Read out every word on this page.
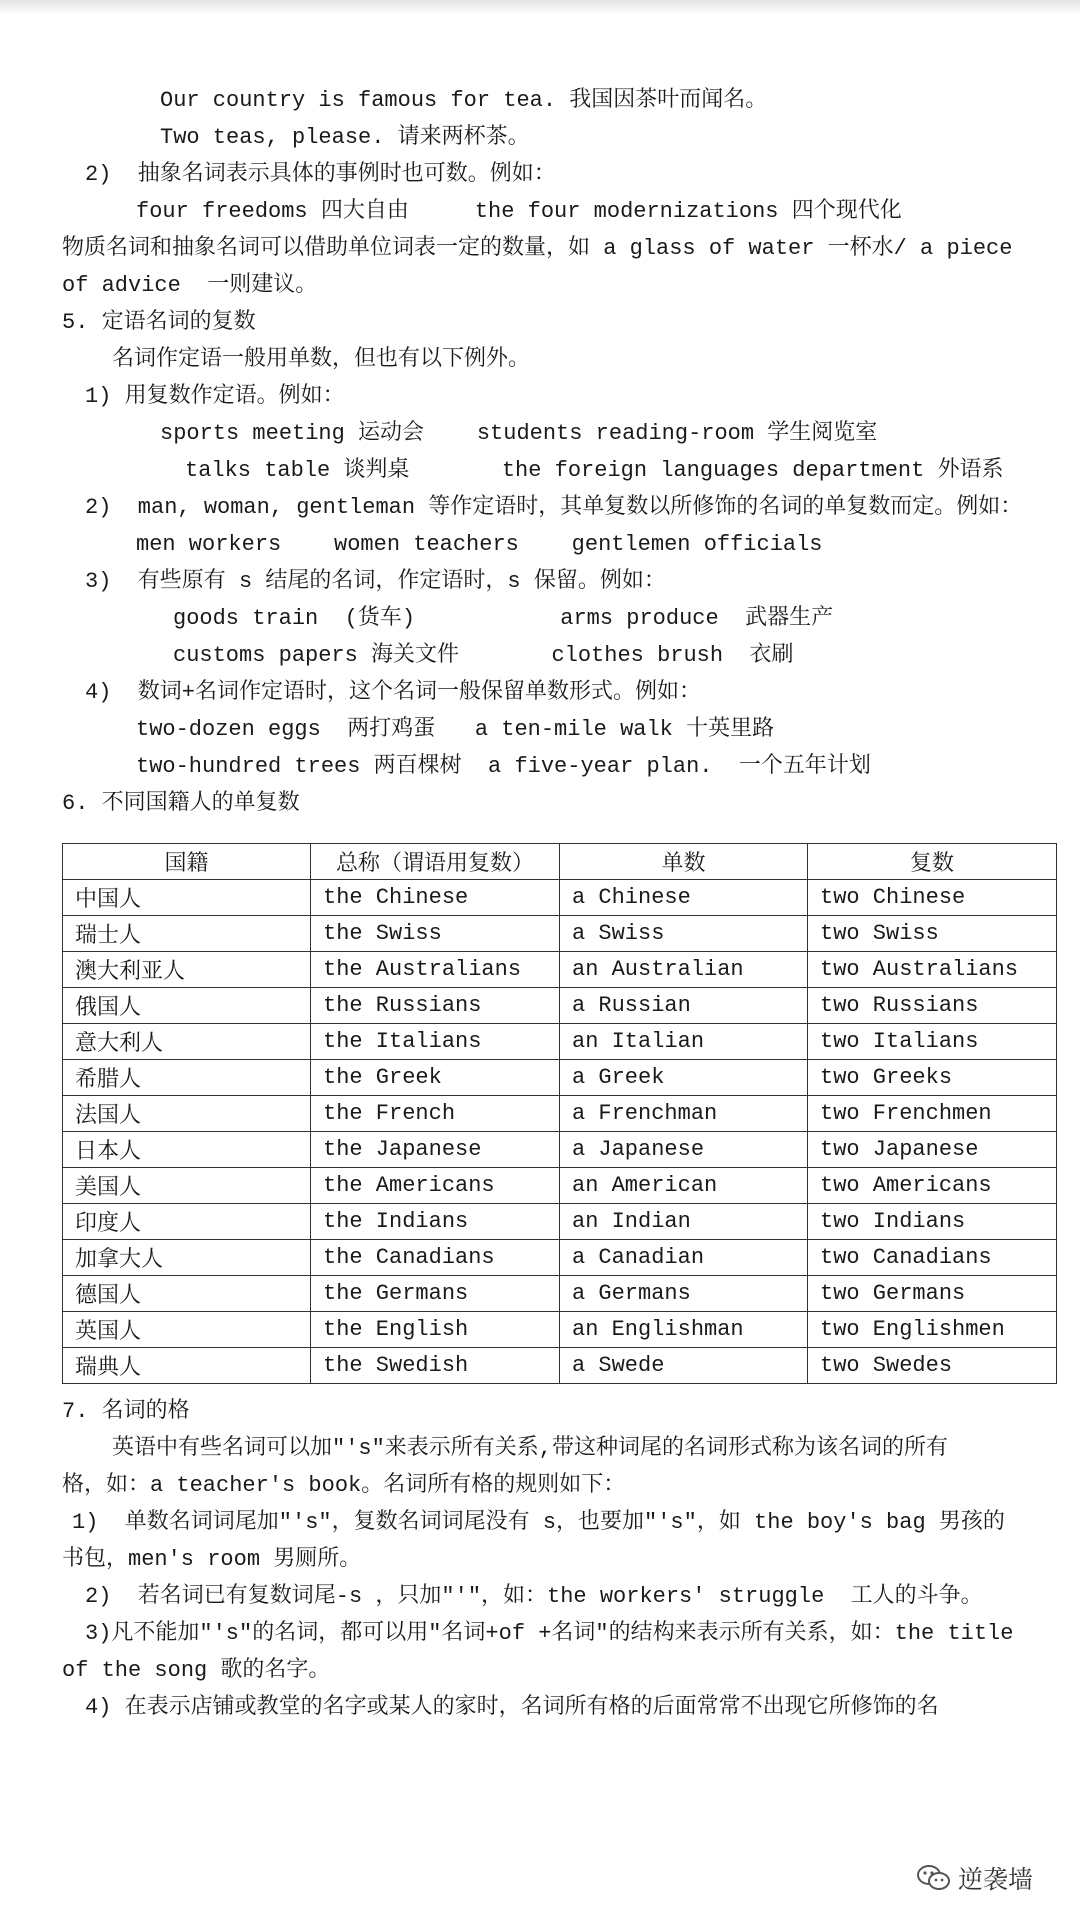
Our country is famous for tea. 我国因茶叶而闻名。
Two teas, please. 请来两杯茶。
2)  抽象名词表示具体的事例时也可数。例如：
four freedoms 四大自由     the four modernizations 四个现代化
物质名词和抽象名词可以借助单位词表一定的数量，如 a glass of water 一杯水/ a piece
of advice  一则建议。
5. 定语名词的复数
名词作定语一般用单数，但也有以下例外。
1) 用复数作定语。例如：
sports meeting 运动会    students reading-room 学生阅览室
talks table 谈判桌       the foreign languages department 外语系
2)  man, woman, gentleman 等作定语时，其单复数以所修饰的名词的单复数而定。例如：
men workers    women teachers    gentlemen officials
3)  有些原有 s 结尾的名词，作定语时，s 保留。例如：
goods train  (货车)           arms produce  武器生产
customs papers 海关文件       clothes brush  衣刷
4)  数词+名词作定语时，这个名词一般保留单数形式。例如：
two-dozen eggs  两打鸡蛋   a ten-mile walk 十英里路
two-hundred trees 两百棵树  a five-year plan.  一个五年计划
6. 不同国籍人的单复数
7. 名词的格
英语中有些名词可以加"'s"来表示所有关系,带这种词尾的名词形式称为该名词的所有
格，如：a teacher's book。名词所有格的规则如下：
1)  单数名词词尾加"'s"，复数名词词尾没有 s，也要加"'s"，如 the boy's bag 男孩的
书包，men's room 男厕所。
2)  若名词已有复数词尾-s ，只加"'"，如：the workers' struggle  工人的斗争。
3)凡不能加"'s"的名词，都可以用"名词+of +名词"的结构来表示所有关系，如：the title
of the song 歌的名字。
4) 在表示店铺或教堂的名字或某人的家时，名词所有格的后面常常不出现它所修饰的名
国籍	总称（谓语用复数）	单数	复数
中国人	the Chinese	a Chinese	two Chinese
瑞士人	the Swiss	a Swiss	two Swiss
澳大利亚人	the Australians	an Australian	two Australians
俄国人	the Russians	a Russian	two Russians
意大利人	the Italians	an Italian	two Italians
希腊人	the Greek	a Greek	two Greeks
法国人	the French	a Frenchman	two Frenchmen
日本人	the Japanese	a Japanese	two Japanese
美国人	the Americans	an American	two Americans
印度人	the Indians	an Indian	two Indians
加拿大人	the Canadians	a Canadian	two Canadians
德国人	the Germans	a Germans	two Germans
英国人	the English	an Englishman	two Englishmen
瑞典人	the Swedish	a Swede	two Swedes
逆袭墙
